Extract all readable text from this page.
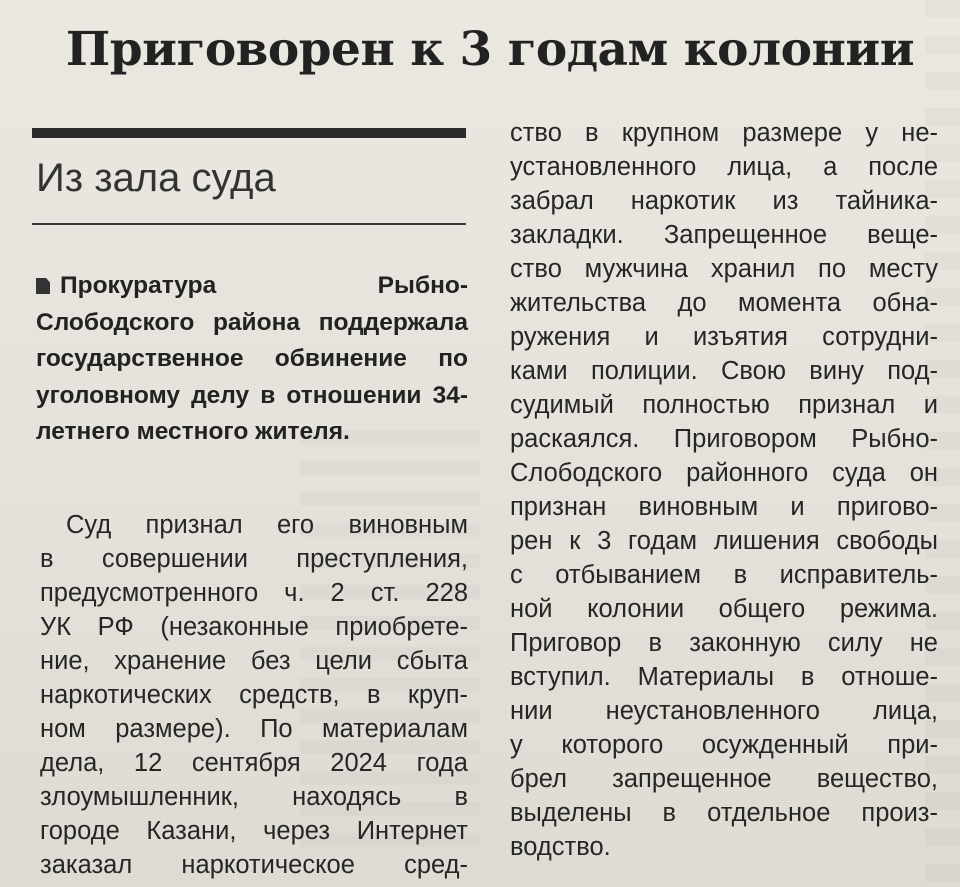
Приговорен к 3 годам колонии
Из зала суда

Прокуратура Рыбно-Слободского района поддержала государственное обвинение по уголовному делу в отношении 34-летнего местного жителя.

Суд признал его виновным
в совершении преступления,
предусмотренного ч. 2 ст. 228
УК РФ (незаконные приобрете-
ние, хранение без цели сбыта
наркотических средств, в круп-
ном размере). По материалам
дела, 12 сентября 2024 года
злоумышленник, находясь в
городе Казани, через Интернет
заказал наркотическое сред-
ство в крупном размере у не-
установленного лица, а после
забрал наркотик из тайника-
закладки. Запрещенное веще-
ство мужчина хранил по месту
жительства до момента обна-
ружения и изъятия сотрудни-
ками полиции. Свою вину под-
судимый полностью признал и
раскаялся. Приговором Рыбно-
Слободского районного суда он
признан виновным и пригово-
рен к 3 годам лишения свободы
с отбыванием в исправитель-
ной колонии общего режима.
Приговор в законную силу не
вступил. Материалы в отноше-
нии неустановленного лица,
у которого осужденный при-
брел запрещенное вещество,
выделены в отдельное произ-
водство.
